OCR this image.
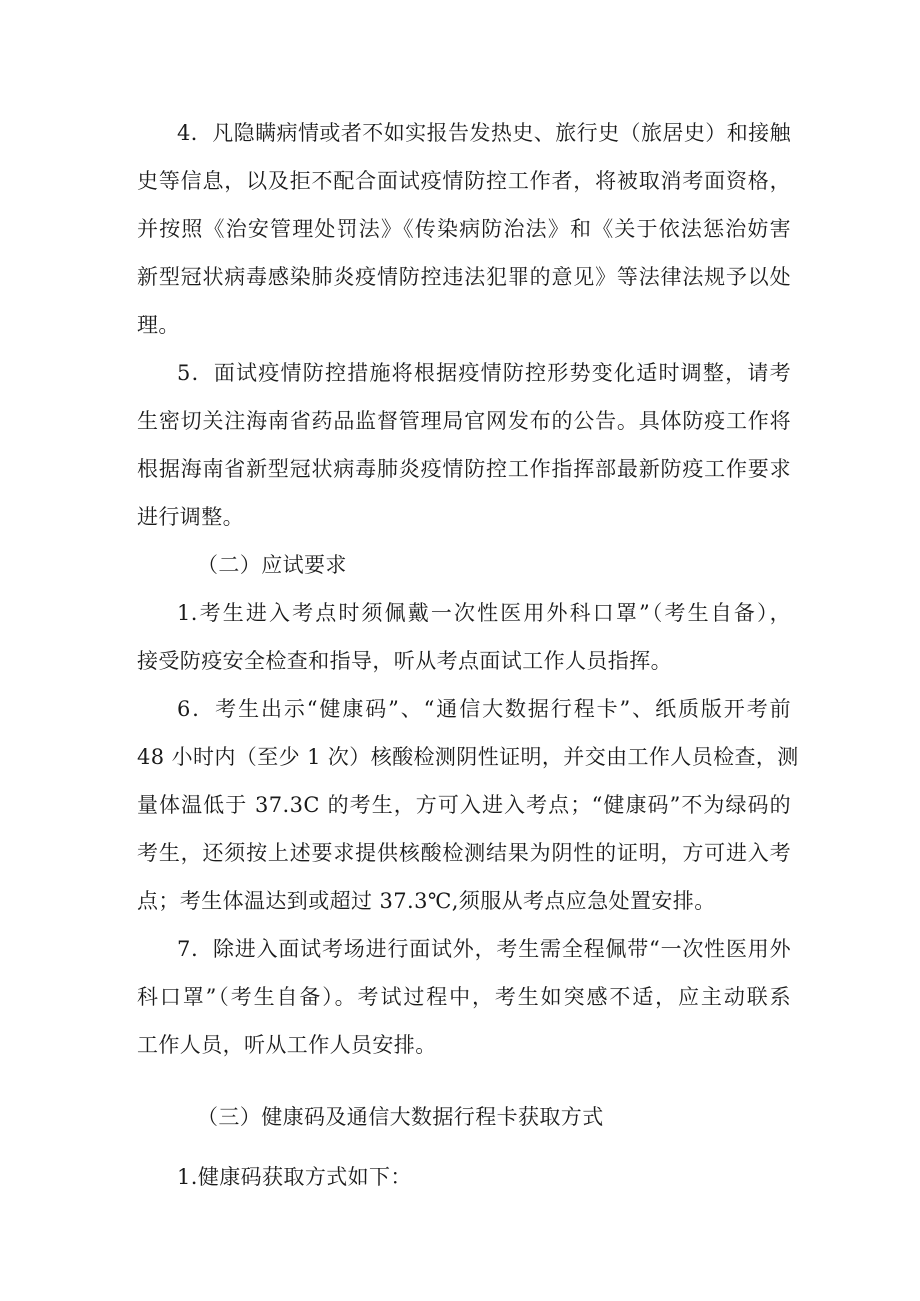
4．凡隐瞒病情或者不如实报告发热史、旅行史（旅居史）和接触
史等信息，以及拒不配合面试疫情防控工作者，将被取消考面资格，
并按照《治安管理处罚法》《传染病防治法》和《关于依法惩治妨害
新型冠状病毒感染肺炎疫情防控违法犯罪的意见》等法律法规予以处
理。
5．面试疫情防控措施将根据疫情防控形势变化适时调整，请考
生密切关注海南省药品监督管理局官网发布的公告。具体防疫工作将
根据海南省新型冠状病毒肺炎疫情防控工作指挥部最新防疫工作要求
进行调整。
（二）应试要求
1.考生进入考点时须佩戴一次性医用外科口罩”（考生自备），
接受防疫安全检查和指导，听从考点面试工作人员指挥。
6．考生出示“健康码”、“通信大数据行程卡”、纸质版开考前
48 小时内（至少 1 次）核酸检测阴性证明，并交由工作人员检查，测
量体温低于 37.3C 的考生，方可入进入考点；“健康码”不为绿码的
考生，还须按上述要求提供核酸检测结果为阴性的证明，方可进入考
点；考生体温达到或超过 37.3℃,须服从考点应急处置安排。
7．除进入面试考场进行面试外，考生需全程佩带“一次性医用外
科口罩”（考生自备）。考试过程中，考生如突感不适，应主动联系
工作人员，听从工作人员安排。
（三）健康码及通信大数据行程卡获取方式
1.健康码获取方式如下：
